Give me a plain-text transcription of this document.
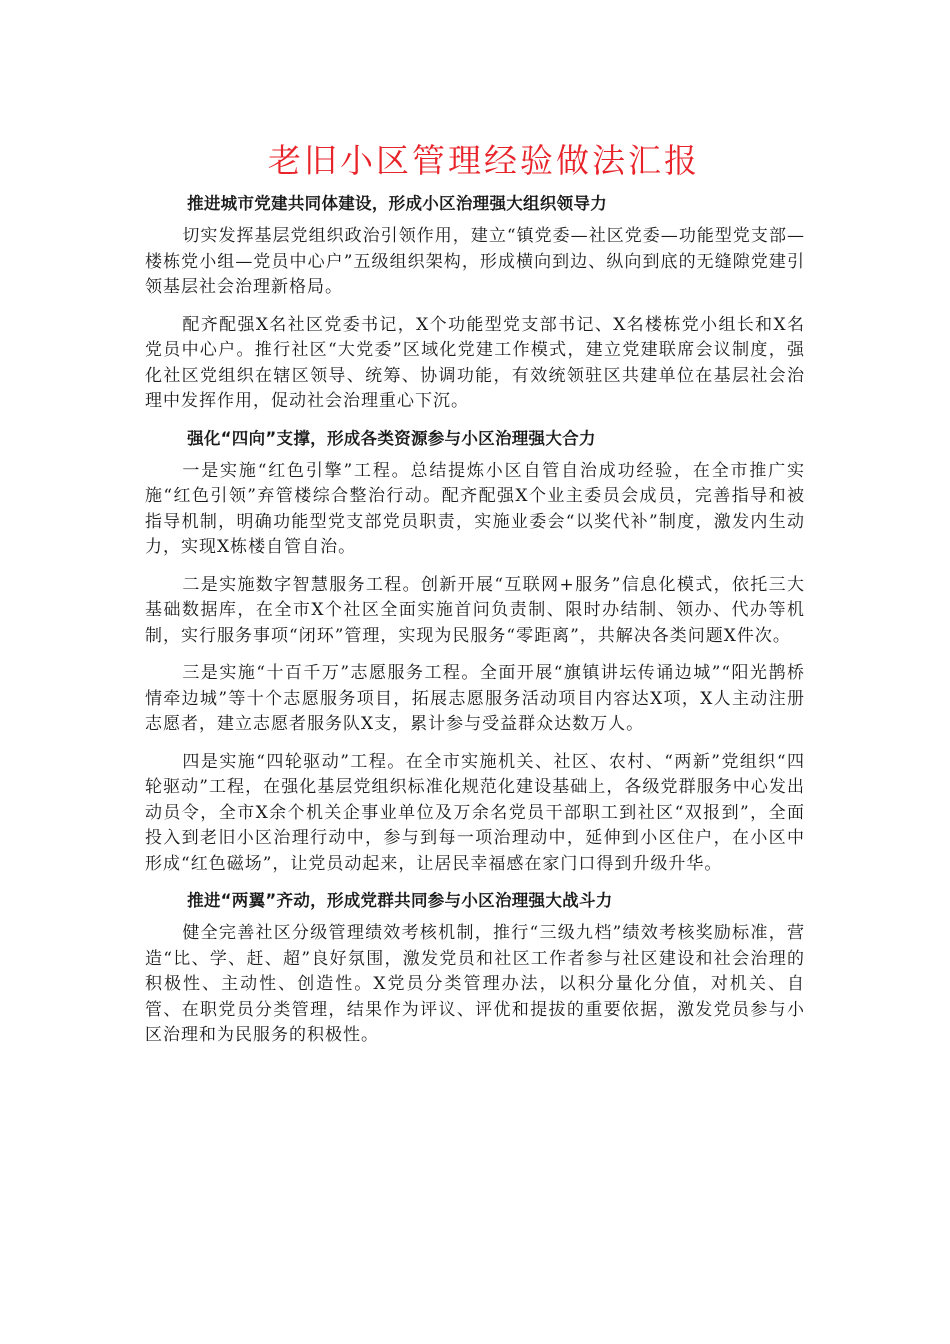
老旧小区管理经验做法汇报
推进城市党建共同体建设，形成小区治理强大组织领导力

切实发挥基层党组织政治引领作用，建立“镇党委—社区党委—功能型党支部—楼栋党小组—党员中心户”五级组织架构，形成横向到边、纵向到底的无缝隙党建引领基层社会治理新格局。

配齐配强X名社区党委书记，X个功能型党支部书记、X名楼栋党小组长和X名党员中心户。推行社区“大党委”区域化党建工作模式，建立党建联席会议制度，强化社区党组织在辖区领导、统筹、协调功能，有效统领驻区共建单位在基层社会治理中发挥作用，促动社会治理重心下沉。

强化“四向”支撑，形成各类资源参与小区治理强大合力

一是实施“红色引擎”工程。总结提炼小区自管自治成功经验，在全市推广实施“红色引领”弃管楼综合整治行动。配齐配强X个业主委员会成员，完善指导和被指导机制，明确功能型党支部党员职责，实施业委会“以奖代补”制度，激发内生动力，实现X栋楼自管自治。

二是实施数字智慧服务工程。创新开展“互联网+服务”信息化模式，依托三大基础数据库，在全市X个社区全面实施首问负责制、限时办结制、领办、代办等机制，实行服务事项“闭环”管理，实现为民服务“零距离”，共解决各类问题X件次。

三是实施“十百千万”志愿服务工程。全面开展“旗镇讲坛传诵边城”“阳光鹊桥情牵边城”等十个志愿服务项目，拓展志愿服务活动项目内容达X项，X人主动注册志愿者，建立志愿者服务队X支，累计参与受益群众达数万人。

四是实施“四轮驱动”工程。在全市实施机关、社区、农村、“两新”党组织“四轮驱动”工程，在强化基层党组织标准化规范化建设基础上，各级党群服务中心发出动员令，全市X余个机关企事业单位及万余名党员干部职工到社区“双报到”，全面投入到老旧小区治理行动中，参与到每一项治理动中，延伸到小区住户，在小区中形成“红色磁场”，让党员动起来，让居民幸福感在家门口得到升级升华。

推进“两翼”齐动，形成党群共同参与小区治理强大战斗力

健全完善社区分级管理绩效考核机制，推行“三级九档”绩效考核奖励标准，营造“比、学、赶、超”良好氛围，激发党员和社区工作者参与社区建设和社会治理的积极性、主动性、创造性。X党员分类管理办法，以积分量化分值，对机关、自管、在职党员分类管理，结果作为评议、评优和提拔的重要依据，激发党员参与小区治理和为民服务的积极性。
